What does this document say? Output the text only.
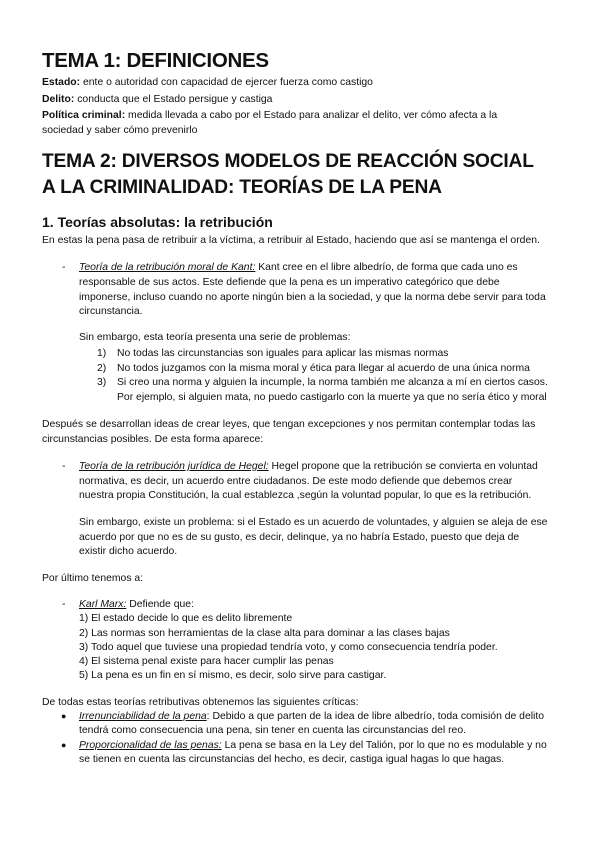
TEMA 1: DEFINICIONES
Estado: ente o autoridad con capacidad de ejercer fuerza como castigo
Delito: conducta que el Estado persigue y castiga
Política criminal: medida llevada a cabo por el Estado para analizar el delito, ver cómo afecta a la
sociedad y saber cómo prevenirlo
TEMA 2: DIVERSOS MODELOS DE REACCIÓN SOCIAL
A LA CRIMINALIDAD: TEORÍAS DE LA PENA
1. Teorías absolutas: la retribución
En estas la pena pasa de retribuir a la víctima, a retribuir al Estado, haciendo que así se mantenga el orden.
- Teoría de la retribución moral de Kant: Kant cree en el libre albedrío, de forma que cada uno es
responsable de sus actos. Este defiende que la pena es un imperativo categórico que debe
imponerse, incluso cuando no aporte ningún bien a la sociedad, y que la norma debe servir para toda
circunstancia.
Sin embargo, esta teoría presenta una serie de problemas:
1) No todas las circunstancias son iguales para aplicar las mismas normas
2) No todos juzgamos con la misma moral y ética para llegar al acuerdo de una única norma
3) Si creo una norma y alguien la incumple, la norma también me alcanza a mí en ciertos casos.
Por ejemplo, si alguien mata, no puedo castigarlo con la muerte ya que no sería ético y moral
Después se desarrollan ideas de crear leyes, que tengan excepciones y nos permitan contemplar todas las
circunstancias posibles. De esta forma aparece:
- Teoría de la retribución jurídica de Hegel: Hegel propone que la retribución se convierta en voluntad
normativa, es decir, un acuerdo entre ciudadanos. De este modo defiende que debemos crear
nuestra propia Constitución, la cual establezca ,según la voluntad popular, lo que es la retribución.
Sin embargo, existe un problema: si el Estado es un acuerdo de voluntades, y alguien se aleja de ese
acuerdo por que no es de su gusto, es decir, delinque, ya no habría Estado, puesto que deja de
existir dicho acuerdo.
Por último tenemos a:
- Karl Marx: Defiende que:
1) El estado decide lo que es delito libremente
2) Las normas son herramientas de la clase alta para dominar a las clases bajas
3) Todo aquel que tuviese una propiedad tendría voto, y como consecuencia tendría poder.
4) El sistema penal existe para hacer cumplir las penas
5) La pena es un fin en sí mismo, es decir, solo sirve para castigar.
De todas estas teorías retributivas obtenemos las siguientes críticas:
● Irrenunciabilidad de la pena: Debido a que parten de la idea de libre albedrío, toda comisión de delito
tendrá como consecuencia una pena, sin tener en cuenta las circunstancias del reo.
● Proporcionalidad de las penas: La pena se basa en la Ley del Talión, por lo que no es modulable y no
se tienen en cuenta las circunstancias del hecho, es decir, castiga igual hagas lo que hagas.
